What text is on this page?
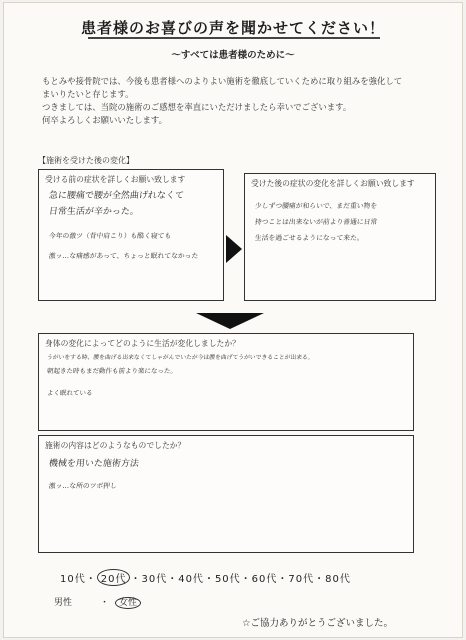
患者様のお喜びの声を聞かせてください！
～すべては患者様のために～

もとみや接骨院では、今後も患者様へのよりよい施術を徹底していくために取り組みを強化して

まいりたいと存じます。

つきましては、当院の施術のご感想を率直にいただけましたら幸いでございます。

何卒よろしくお願いいたします。

【施術を受けた後の変化】
受ける前の症状を詳しくお願い致します
急に腰痛で腰が全然曲げれなくて
日常生活が辛かった。
今年の激ツ（背中肩こり）も酷く寝ても
激ッ…な痛感があって、ちょっと眠れてなかった
受けた後の症状の変化を詳しくお願い致します
少しずつ腰痛が和らいで、まだ重い物を
持つことは出来ないが前より普通に日常
生活を過ごせるようになって来た。
身体の変化によってどのように生活が変化しましたか？
うがいをする時、腰を曲げる出来なくてしゃがんでいたが今は腰を曲げてうがいできることが出来る。
朝起きた時もまだ動作も前より楽になった。
よく眠れている
施術の内容はどのようなものでしたか？
機械を用いた施術方法
激ッ…な所のツボ押し
10代・ 20代 ・30代・40代・50代・60代・70代・80代
男性	・ 女性
☆ご協力ありがとうございました。
